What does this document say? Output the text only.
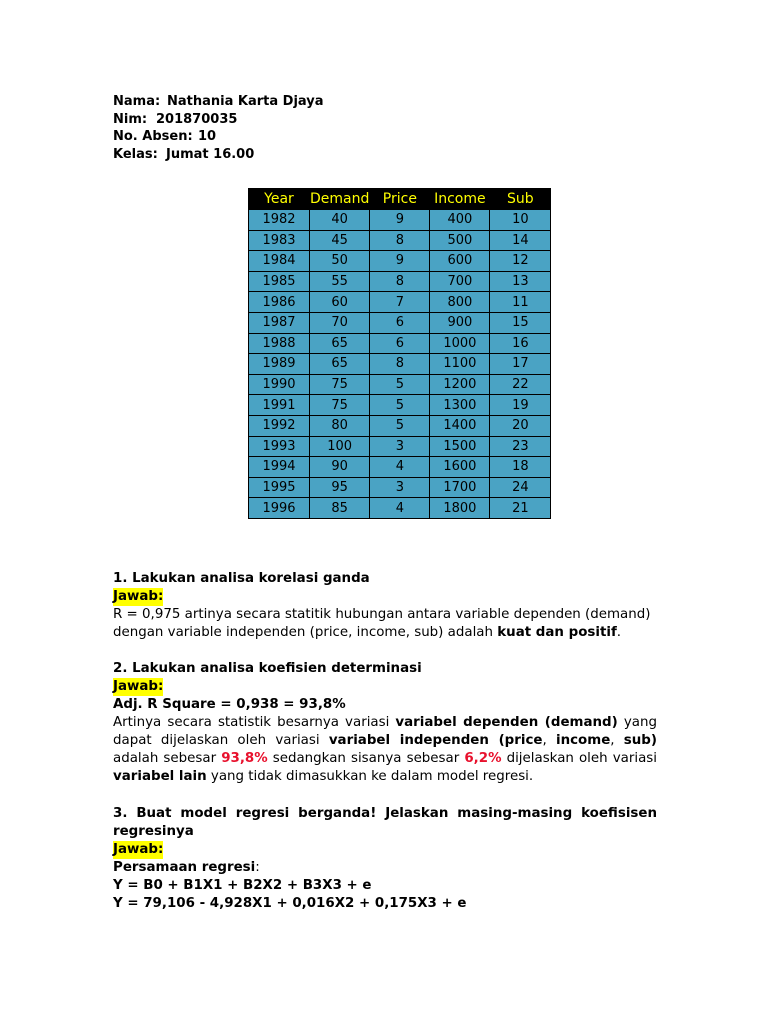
Nama: Nathania Karta Djaya
Nim: 201870035
No. Absen: 10
Kelas: Jumat 16.00
Year	Demand	Price	Income	Sub
1982	40	9	400	10
1983	45	8	500	14
1984	50	9	600	12
1985	55	8	700	13
1986	60	7	800	11
1987	70	6	900	15
1988	65	6	1000	16
1989	65	8	1100	17
1990	75	5	1200	22
1991	75	5	1300	19
1992	80	5	1400	20
1993	100	3	1500	23
1994	90	4	1600	18
1995	95	3	1700	24
1996	85	4	1800	21
1. Lakukan analisa korelasi ganda
Jawab:
R = 0,975 artinya secara statitik hubungan antara variable dependen (demand)
dengan variable independen (price, income, sub) adalah kuat dan positif.
2. Lakukan analisa koefisien determinasi
Jawab:
Adj. R Square = 0,938 = 93,8%
Artinya secara statistik besarnya variasi variabel dependen (demand) yang dapat dijelaskan oleh variasi variabel independen (price, income, sub) adalah sebesar 93,8% sedangkan sisanya sebesar 6,2% dijelaskan oleh variasi variabel lain yang tidak dimasukkan ke dalam model regresi.
3. Buat model regresi berganda! Jelaskan masing-masing koefisisen
regresinya
Jawab:
Persamaan regresi:
Y = B0 + B1X1 + B2X2 + B3X3 + e
Y = 79,106 - 4,928X1 + 0,016X2 + 0,175X3 + e
